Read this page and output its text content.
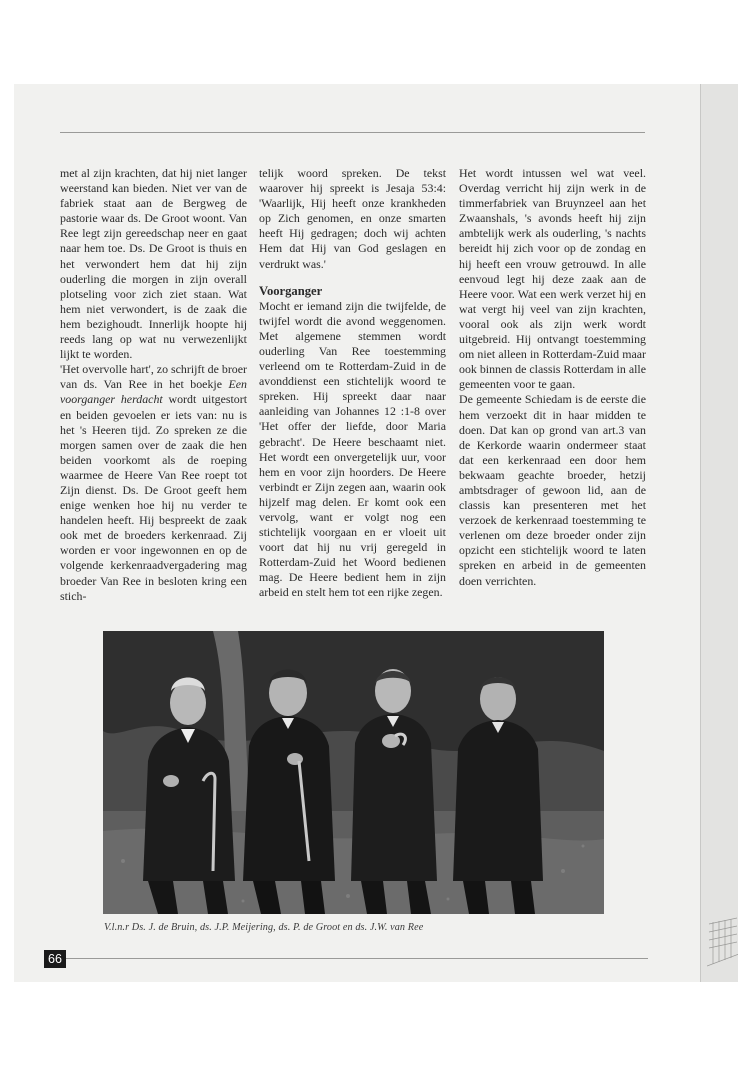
met al zijn krachten, dat hij niet langer weerstand kan bieden. Niet ver van de fabriek staat aan de Bergweg de pastorie waar ds. De Groot woont. Van Ree legt zijn gereedschap neer en gaat naar hem toe. Ds. De Groot is thuis en het verwondert hem dat hij zijn ouderling die morgen in zijn overall plotseling voor zich ziet staan. Wat hem niet verwondert, is de zaak die hem bezighoudt. Innerlijk hoopte hij reeds lang op wat nu verwezenlijkt lijkt te worden.

'Het overvolle hart', zo schrijft de broer van ds. Van Ree in het boekje Een voorganger herdacht wordt uitgestort en beiden gevoelen er iets van: nu is het 's Heeren tijd. Zo spreken ze die morgen samen over de zaak die hen beiden voorkomt als de roeping waarmee de Heere Van Ree roept tot Zijn dienst. Ds. De Groot geeft hem enige wenken hoe hij nu verder te handelen heeft. Hij bespreekt de zaak ook met de broeders kerkenraad. Zij worden er voor ingewonnen en op de volgende kerkenraadvergadering mag broeder Van Ree in besloten kring een stich-

telijk woord spreken. De tekst waarover hij spreekt is Jesaja 53:4: 'Waarlijk, Hij heeft onze krankheden op Zich genomen, en onze smarten heeft Hij gedragen; doch wij achten Hem dat Hij van God geslagen en verdrukt was.'

Voorganger

Mocht er iemand zijn die twijfelde, de twijfel wordt die avond weggenomen. Met algemene stemmen wordt ouderling Van Ree toestemming verleend om te Rotterdam-Zuid in de avonddienst een stichtelijk woord te spreken. Hij spreekt daar naar aanleiding van Johannes 12 :1-8 over 'Het offer der liefde, door Maria gebracht'. De Heere beschaamt niet. Het wordt een onvergetelijk uur, voor hem en voor zijn hoorders. De Heere verbindt er Zijn zegen aan, waarin ook hijzelf mag delen. Er komt ook een vervolg, want er volgt nog een stichtelijk voorgaan en er vloeit uit voort dat hij nu vrij geregeld in Rotterdam-Zuid het Woord bedienen mag. De Heere bedient hem in zijn arbeid en stelt hem tot een rijke zegen.

Het wordt intussen wel wat veel. Overdag verricht hij zijn werk in de timmerfabriek van Bruynzeel aan het Zwaanshals, 's avonds heeft hij zijn ambtelijk werk als ouderling, 's nachts bereidt hij zich voor op de zondag en hij heeft een vrouw getrouwd. In alle eenvoud legt hij deze zaak aan de Heere voor. Wat een werk verzet hij en wat vergt hij veel van zijn krachten, vooral ook als zijn werk wordt uitgebreid. Hij ontvangt toestemming om niet alleen in Rotterdam-Zuid maar ook binnen de classis Rotterdam in alle gemeenten voor te gaan.

De gemeente Schiedam is de eerste die hem verzoekt dit in haar midden te doen. Dat kan op grond van art.3 van de Kerkorde waarin ondermeer staat dat een kerkenraad een door hem bekwaam geachte broeder, hetzij ambtsdrager of gewoon lid, aan de classis kan presenteren met het verzoek de kerkenraad toestemming te verlenen om deze broeder onder zijn opzicht een stichtelijk woord te laten spreken en arbeid in de gemeenten doen verrichten.

V.l.n.r Ds. J. de Bruin, ds. J.P. Meijering, ds. P. de Groot en ds. J.W. van Ree
66
